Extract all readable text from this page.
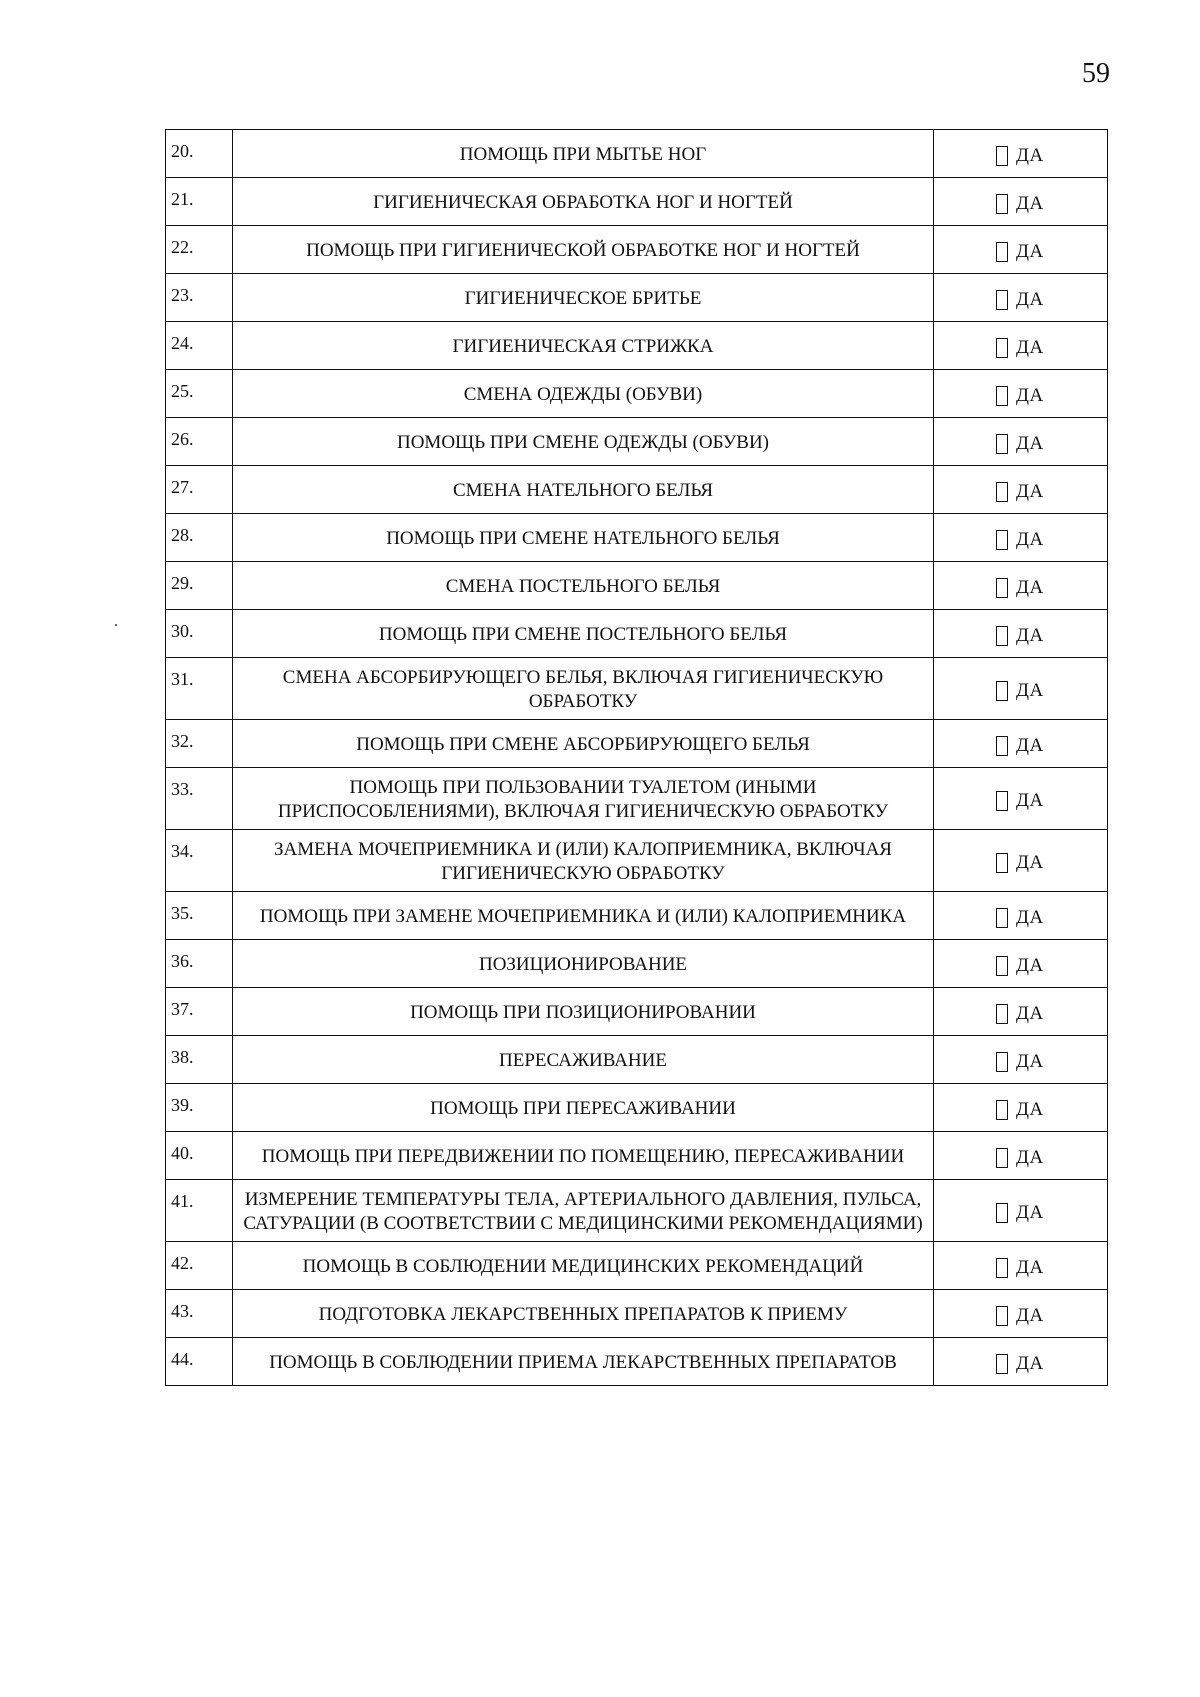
59
20.	ПОМОЩЬ ПРИ МЫТЬЕ НОГ	ДА

21.	ГИГИЕНИЧЕСКАЯ ОБРАБОТКА НОГ И НОГТЕЙ	ДА

22.	ПОМОЩЬ ПРИ ГИГИЕНИЧЕСКОЙ ОБРАБОТКЕ НОГ И НОГТЕЙ	ДА

23.	ГИГИЕНИЧЕСКОЕ БРИТЬЕ	ДА

24.	ГИГИЕНИЧЕСКАЯ СТРИЖКА	ДА

25.	СМЕНА ОДЕЖДЫ (ОБУВИ)	ДА

26.	ПОМОЩЬ ПРИ СМЕНЕ ОДЕЖДЫ (ОБУВИ)	ДА

27.	СМЕНА НАТЕЛЬНОГО БЕЛЬЯ	ДА

28.	ПОМОЩЬ ПРИ СМЕНЕ НАТЕЛЬНОГО БЕЛЬЯ	ДА

29.	СМЕНА ПОСТЕЛЬНОГО БЕЛЬЯ	ДА

30.	ПОМОЩЬ ПРИ СМЕНЕ ПОСТЕЛЬНОГО БЕЛЬЯ	ДА

31.	СМЕНА АБСОРБИРУЮЩЕГО БЕЛЬЯ, ВКЛЮЧАЯ ГИГИЕНИЧЕСКУЮ ОБРАБОТКУ	ДА

32.	ПОМОЩЬ ПРИ СМЕНЕ АБСОРБИРУЮЩЕГО БЕЛЬЯ	ДА

33.	ПОМОЩЬ ПРИ ПОЛЬЗОВАНИИ ТУАЛЕТОМ (ИНЫМИ ПРИСПОСОБЛЕНИЯМИ), ВКЛЮЧАЯ ГИГИЕНИЧЕСКУЮ ОБРАБОТКУ	ДА

34.	ЗАМЕНА МОЧЕПРИЕМНИКА И (ИЛИ) КАЛОПРИЕМНИКА, ВКЛЮЧАЯ ГИГИЕНИЧЕСКУЮ ОБРАБОТКУ	ДА

35.	ПОМОЩЬ ПРИ ЗАМЕНЕ МОЧЕПРИЕМНИКА И (ИЛИ) КАЛОПРИЕМНИКА	ДА

36.	ПОЗИЦИОНИРОВАНИЕ	ДА

37.	ПОМОЩЬ ПРИ ПОЗИЦИОНИРОВАНИИ	ДА

38.	ПЕРЕСАЖИВАНИЕ	ДА

39.	ПОМОЩЬ ПРИ ПЕРЕСАЖИВАНИИ	ДА

40.	ПОМОЩЬ ПРИ ПЕРЕДВИЖЕНИИ ПО ПОМЕЩЕНИЮ, ПЕРЕСАЖИВАНИИ	ДА

41.	ИЗМЕРЕНИЕ ТЕМПЕРАТУРЫ ТЕЛА, АРТЕРИАЛЬНОГО ДАВЛЕНИЯ, ПУЛЬСА, САТУРАЦИИ (В СООТВЕТСТВИИ С МЕДИЦИНСКИМИ РЕКОМЕНДАЦИЯМИ)	ДА

42.	ПОМОЩЬ В СОБЛЮДЕНИИ МЕДИЦИНСКИХ РЕКОМЕНДАЦИЙ	ДА

43.	ПОДГОТОВКА ЛЕКАРСТВЕННЫХ ПРЕПАРАТОВ К ПРИЕМУ	ДА

44.	ПОМОЩЬ В СОБЛЮДЕНИИ ПРИЕМА ЛЕКАРСТВЕННЫХ ПРЕПАРАТОВ	ДА
